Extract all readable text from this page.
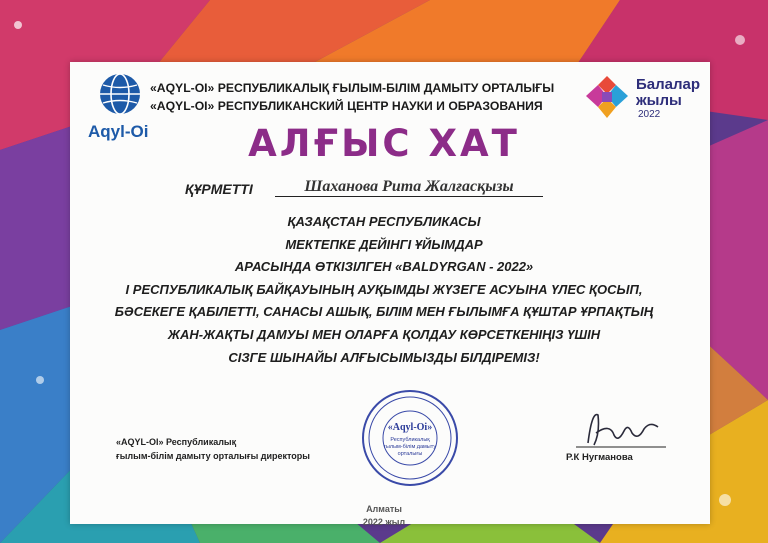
Aqyl-Oi
«AQYL-OI» РЕСПУБЛИКАЛЫҚ ҒЫЛЫМ-БІЛІМ ДАМЫТУ ОРТАЛЫҒЫ
«AQYL-OI» РЕСПУБЛИКАНСКИЙ ЦЕНТР НАУКИ И ОБРАЗОВАНИЯ
Балалар
жылы
2022
АЛҒЫС ХАТ
ҚҰРМЕТТІ	Шаханова Рита Жалғасқызы
ҚАЗАҚСТАН РЕСПУБЛИКАСЫ
МЕКТЕПКЕ ДЕЙІНГІ ҰЙЫМДАР
АРАСЫНДА ӨТКІЗІЛГЕН «BALDYRGAN - 2022»
І РЕСПУБЛИКАЛЫҚ БАЙҚАУЫНЫҢ АУҚЫМДЫ ЖҮЗЕГЕ АСУЫНА ҮЛЕС ҚОСЫП,
БӘСЕКЕГЕ ҚАБІЛЕТТІ, САНАСЫ АШЫҚ, БІЛІМ МЕН ҒЫЛЫМҒА ҚҰШТАР ҰРПАҚТЫҢ
ЖАН-ЖАҚТЫ ДАМУЫ МЕН ОЛАРҒА ҚОЛДАУ КӨРСЕТКЕНІҢІЗ ҮШІН
СІЗГЕ ШЫНАЙЫ АЛҒЫСЫМЫЗДЫ БІЛДІРЕМІЗ!
«AQYL-OI» Республикалық
ғылым-білім дамыту орталығы директоры
«Aqyl-Oi»
Республикалық
ғылым-білім дамыту
орталығы	Р.К Нугманова
Алматы
2022 жыл
